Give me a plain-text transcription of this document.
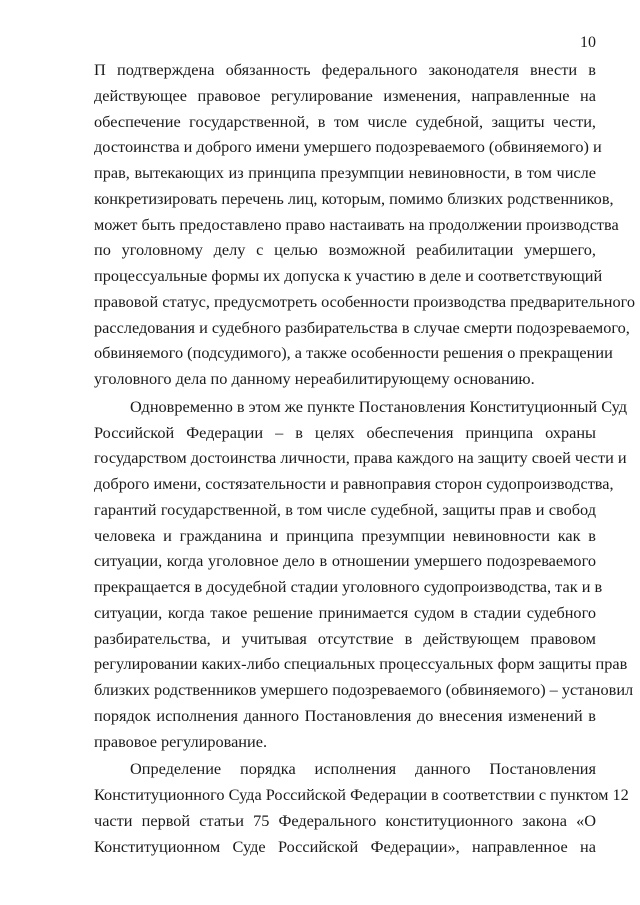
10
П подтверждена обязанность федерального законодателя внести в
действующее правовое регулирование изменения, направленные на
обеспечение государственной, в том числе судебной, защиты чести,
достоинства и доброго имени умершего подозреваемого (обвиняемого) и
прав, вытекающих из принципа презумпции невиновности, в том числе
конкретизировать перечень лиц, которым, помимо близких родственников,
может быть предоставлено право настаивать на продолжении производства
по уголовному делу с целью возможной реабилитации умершего,
процессуальные формы их допуска к участию в деле и соответствующий
правовой статус, предусмотреть особенности производства предварительного
расследования и судебного разбирательства в случае смерти подозреваемого,
обвиняемого (подсудимого), а также особенности решения о прекращении
уголовного дела по данному нереабилитирующему основанию.
Одновременно в этом же пункте Постановления Конституционный Суд
Российской Федерации – в целях обеспечения принципа охраны
государством достоинства личности, права каждого на защиту своей чести и
доброго имени, состязательности и равноправия сторон судопроизводства,
гарантий государственной, в том числе судебной, защиты прав и свобод
человека и гражданина и принципа презумпции невиновности как в
ситуации, когда уголовное дело в отношении умершего подозреваемого
прекращается в досудебной стадии уголовного судопроизводства, так и в
ситуации, когда такое решение принимается судом в стадии судебного
разбирательства, и учитывая отсутствие в действующем правовом
регулировании каких-либо специальных процессуальных форм защиты прав
близких родственников умершего подозреваемого (обвиняемого) – установил
порядок исполнения данного Постановления до внесения изменений в
правовое регулирование.
Определение порядка исполнения данного Постановления
Конституционного Суда Российской Федерации в соответствии с пунктом 12
части первой статьи 75 Федерального конституционного закона «О
Конституционном Суде Российской Федерации», направленное на
